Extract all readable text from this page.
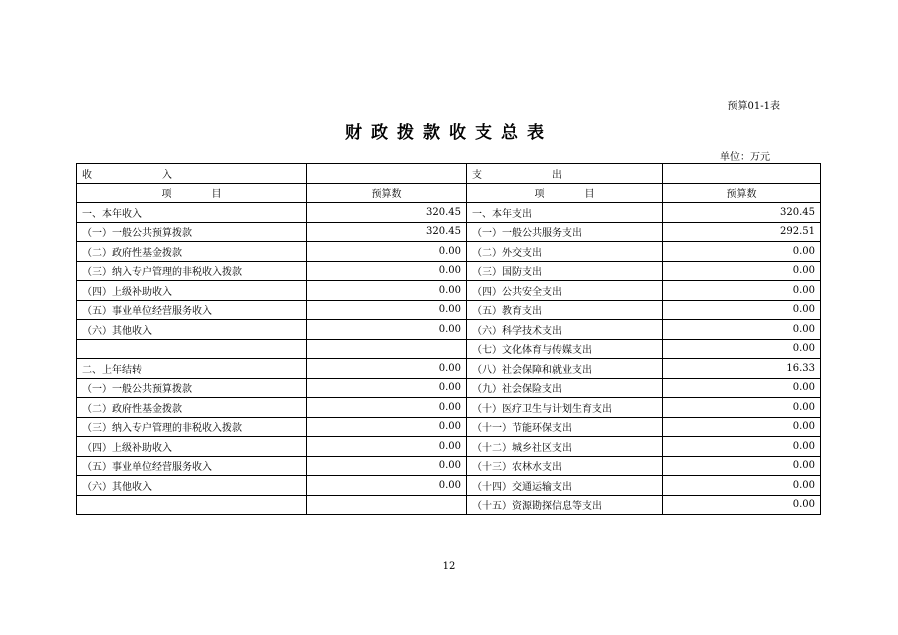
预算01-1表
财政拨款收支总表
单位：万元
收　　　　　　　入		支　　　　　　　出	
项　　　　目	预算数	项　　　　目	预算数
一、本年收入	320.45	一、本年支出	320.45
（一）一般公共预算拨款	320.45	（一）一般公共服务支出	292.51
（二）政府性基金拨款	0.00	（二）外交支出	0.00
（三）纳入专户管理的非税收入拨款	0.00	（三）国防支出	0.00
（四）上级补助收入	0.00	（四）公共安全支出	0.00
（五）事业单位经营服务收入	0.00	（五）教育支出	0.00
（六）其他收入	0.00	（六）科学技术支出	0.00
		（七）文化体育与传媒支出	0.00
二、上年结转	0.00	（八）社会保障和就业支出	16.33
（一）一般公共预算拨款	0.00	（九）社会保险支出	0.00
（二）政府性基金拨款	0.00	（十）医疗卫生与计划生育支出	0.00
（三）纳入专户管理的非税收入拨款	0.00	（十一）节能环保支出	0.00
（四）上级补助收入	0.00	（十二）城乡社区支出	0.00
（五）事业单位经营服务收入	0.00	（十三）农林水支出	0.00
（六）其他收入	0.00	（十四）交通运输支出	0.00
		（十五）资源勘探信息等支出	0.00
12
